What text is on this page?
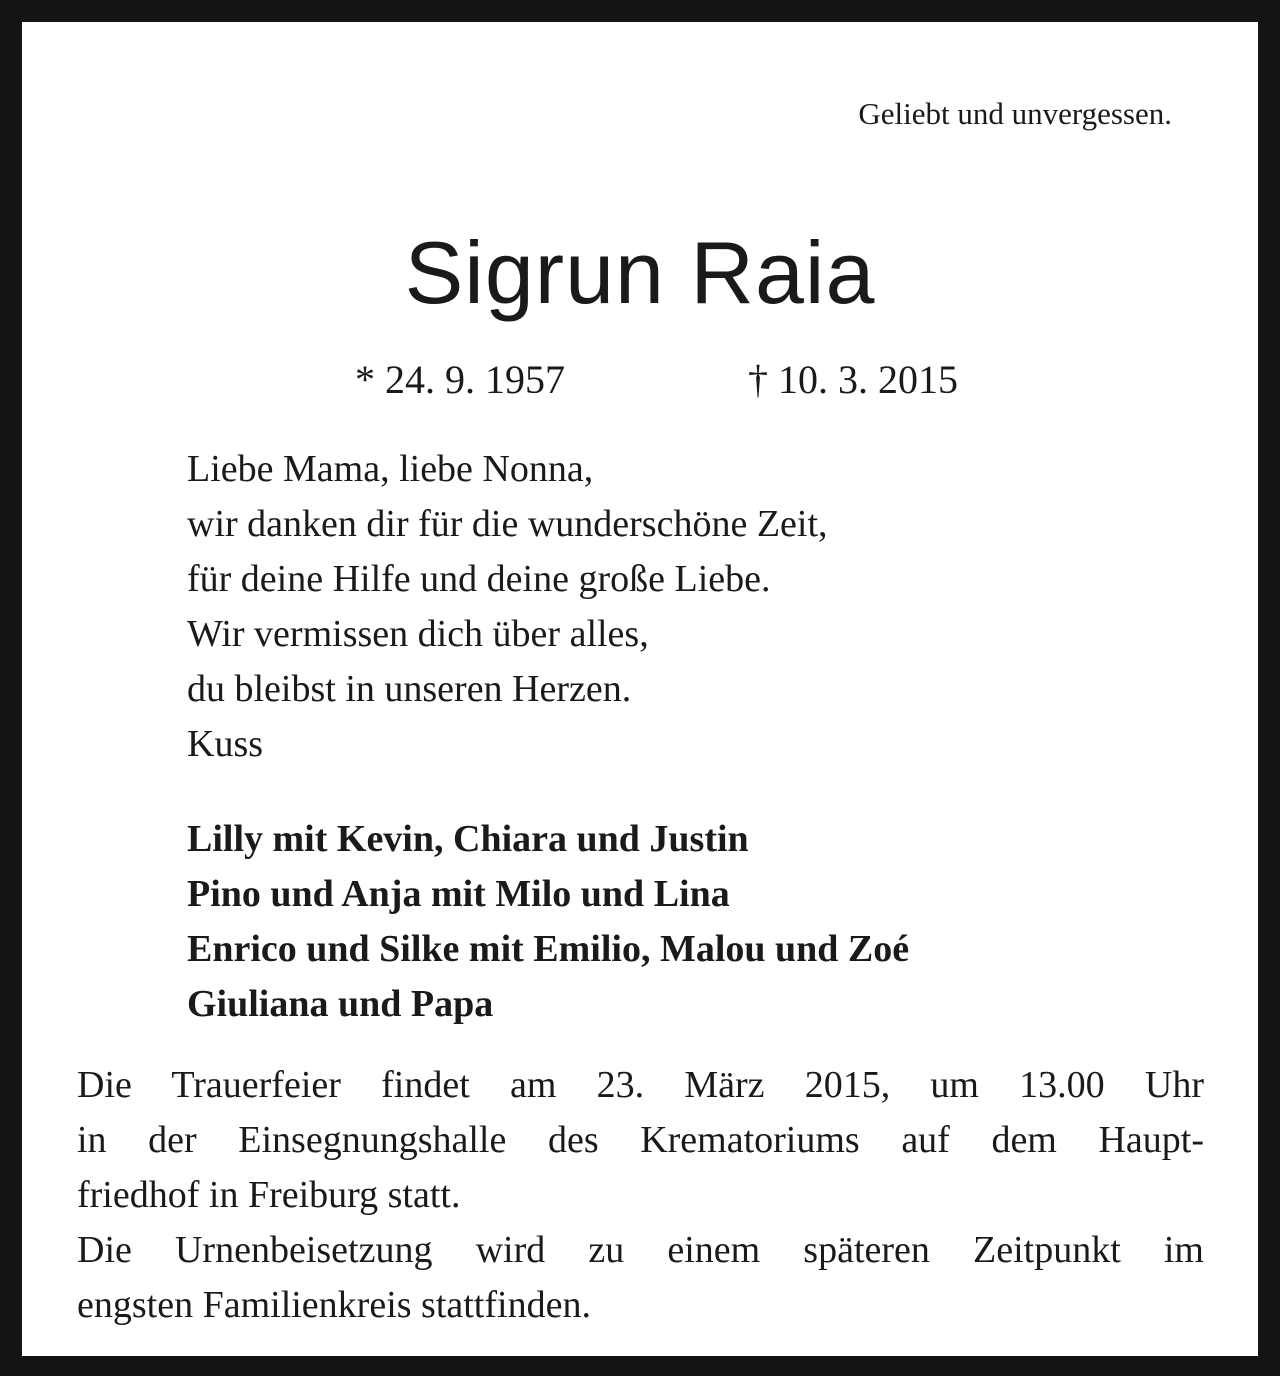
Geliebt und unvergessen.
Sigrun Raia
* 24. 9. 1957	† 10. 3. 2015
Liebe Mama, liebe Nonna,
wir danken dir für die wunderschöne Zeit,
für deine Hilfe und deine große Liebe.
Wir vermissen dich über alles,
du bleibst in unseren Herzen.
Kuss
Lilly mit Kevin, Chiara und Justin
Pino und Anja mit Milo und Lina
Enrico und Silke mit Emilio, Malou und Zoé
Giuliana und Papa
Die Trauerfeier findet am 23. März 2015, um 13.00 Uhr
in der Einsegnungshalle des Krematoriums auf dem Haupt-
friedhof in Freiburg statt.
Die Urnenbeisetzung wird zu einem späteren Zeitpunkt im
engsten Familienkreis stattfinden.
